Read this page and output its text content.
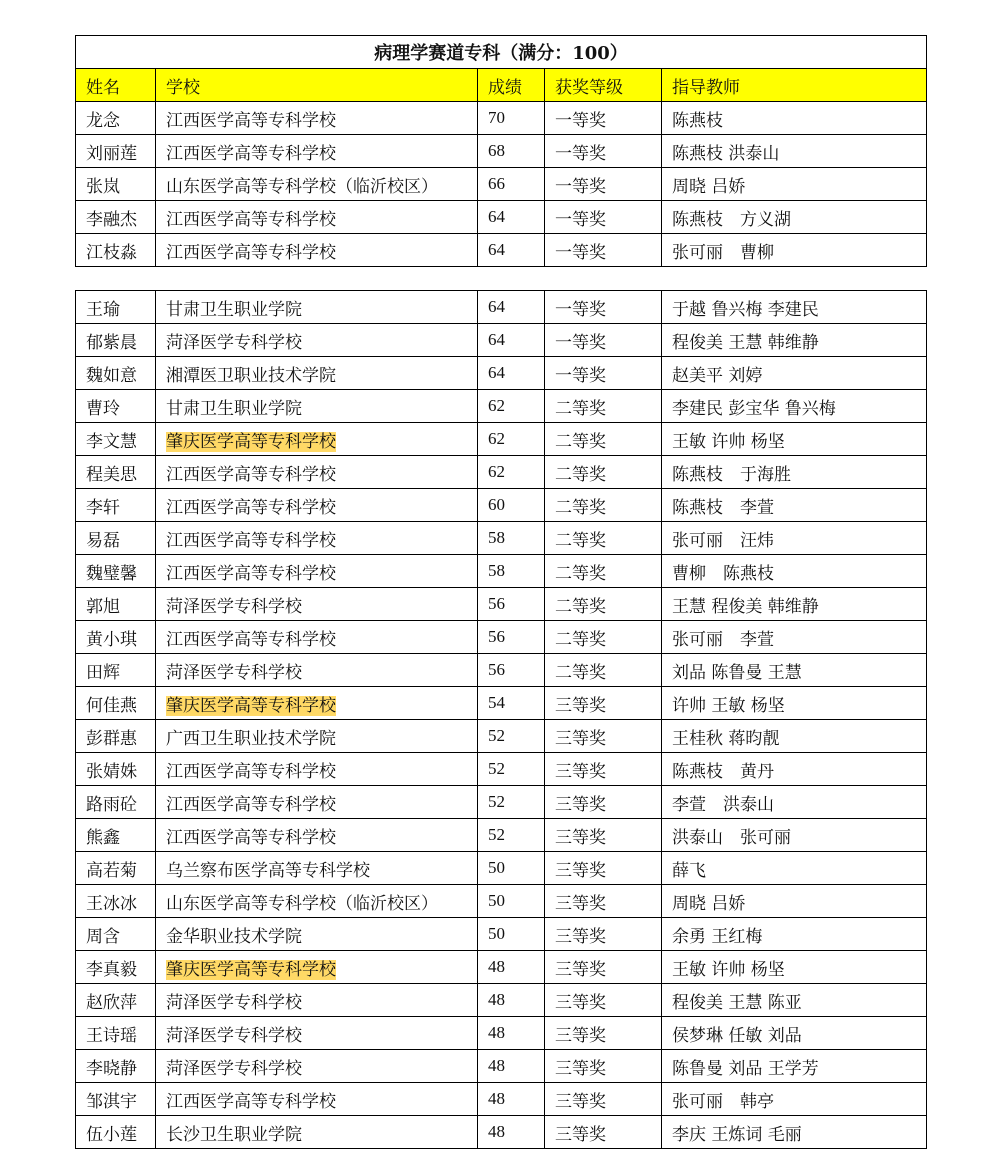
病理学赛道专科（满分：100）				
姓名	学校	成绩	获奖等级	指导教师
龙念	江西医学高等专科学校	70	一等奖	陈燕枝
刘丽莲	江西医学高等专科学校	68	一等奖	陈燕枝 洪泰山
张岚	山东医学高等专科学校（临沂校区）	66	一等奖	周晓 吕娇
李融杰	江西医学高等专科学校	64	一等奖	陈燕枝　方义湖
江枝淼	江西医学高等专科学校	64	一等奖	张可丽　曹柳
王瑜	甘肃卫生职业学院	64	一等奖	于越 鲁兴梅 李建民
郁紫晨	菏泽医学专科学校	64	一等奖	程俊美 王慧 韩维静
魏如意	湘潭医卫职业技术学院	64	一等奖	赵美平 刘婷
曹玲	甘肃卫生职业学院	62	二等奖	李建民 彭宝华 鲁兴梅
李文慧	肇庆医学高等专科学校	62	二等奖	王敏 许帅 杨坚
程美思	江西医学高等专科学校	62	二等奖	陈燕枝　于海胜
李轩	江西医学高等专科学校	60	二等奖	陈燕枝　李萱
易磊	江西医学高等专科学校	58	二等奖	张可丽　汪炜
魏璧馨	江西医学高等专科学校	58	二等奖	曹柳　陈燕枝
郭旭	菏泽医学专科学校	56	二等奖	王慧 程俊美 韩维静
黄小琪	江西医学高等专科学校	56	二等奖	张可丽　李萱
田辉	菏泽医学专科学校	56	二等奖	刘品 陈鲁曼 王慧
何佳燕	肇庆医学高等专科学校	54	三等奖	许帅 王敏 杨坚
彭群惠	广西卫生职业技术学院	52	三等奖	王桂秋 蒋昀靓
张婧姝	江西医学高等专科学校	52	三等奖	陈燕枝　黄丹
路雨砼	江西医学高等专科学校	52	三等奖	李萱　洪泰山
熊鑫	江西医学高等专科学校	52	三等奖	洪泰山　张可丽
高若菊	乌兰察布医学高等专科学校	50	三等奖	薛飞
王冰冰	山东医学高等专科学校（临沂校区）	50	三等奖	周晓 吕娇
周含	金华职业技术学院	50	三等奖	余勇 王红梅
李真毅	肇庆医学高等专科学校	48	三等奖	王敏 许帅 杨坚
赵欣萍	菏泽医学专科学校	48	三等奖	程俊美 王慧 陈亚
王诗瑶	菏泽医学专科学校	48	三等奖	侯梦琳 任敏 刘品
李晓静	菏泽医学专科学校	48	三等奖	陈鲁曼 刘品 王学芳
邹淇宇	江西医学高等专科学校	48	三等奖	张可丽　韩亭
伍小莲	长沙卫生职业学院	48	三等奖	李庆 王炼词 毛丽
